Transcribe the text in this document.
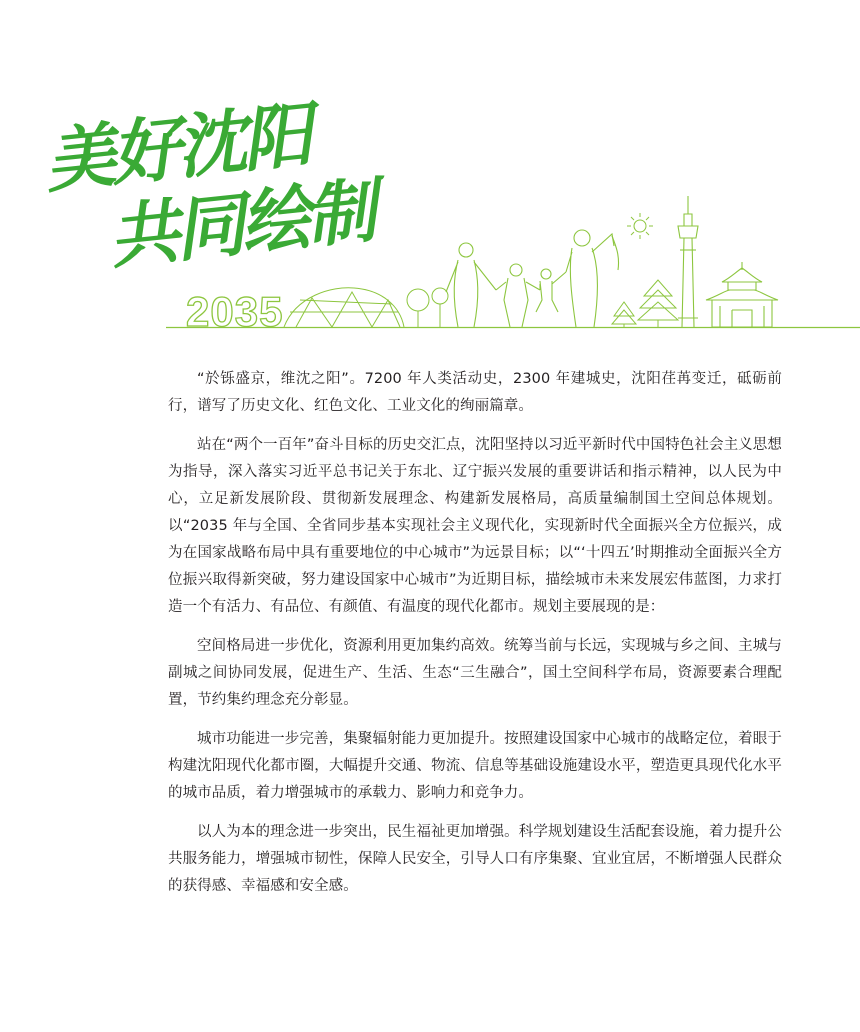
美好沈阳
共同绘制
2035

“於铄盛京，维沈之阳”。7200 年人类活动史，2300 年建城史，沈阳荏苒变迁，砥砺前行，谱写了历史文化、红色文化、工业文化的绚丽篇章。

站在“两个一百年”奋斗目标的历史交汇点，沈阳坚持以习近平新时代中国特色社会主义思想为指导，深入落实习近平总书记关于东北、辽宁振兴发展的重要讲话和指示精神，以人民为中心，立足新发展阶段、贯彻新发展理念、构建新发展格局，高质量编制国土空间总体规划。以“2035 年与全国、全省同步基本实现社会主义现代化，实现新时代全面振兴全方位振兴，成为在国家战略布局中具有重要地位的中心城市”为远景目标；以“‘十四五’时期推动全面振兴全方位振兴取得新突破，努力建设国家中心城市”为近期目标，描绘城市未来发展宏伟蓝图，力求打造一个有活力、有品位、有颜值、有温度的现代化都市。规划主要展现的是：

空间格局进一步优化，资源利用更加集约高效。统筹当前与长远，实现城与乡之间、主城与副城之间协同发展，促进生产、生活、生态“三生融合”，国土空间科学布局，资源要素合理配置，节约集约理念充分彰显。

城市功能进一步完善，集聚辐射能力更加提升。按照建设国家中心城市的战略定位，着眼于构建沈阳现代化都市圈，大幅提升交通、物流、信息等基础设施建设水平，塑造更具现代化水平的城市品质，着力增强城市的承载力、影响力和竞争力。

以人为本的理念进一步突出，民生福祉更加增强。科学规划建设生活配套设施，着力提升公共服务能力，增强城市韧性，保障人民安全，引导人口有序集聚、宜业宜居，不断增强人民群众的获得感、幸福感和安全感。
